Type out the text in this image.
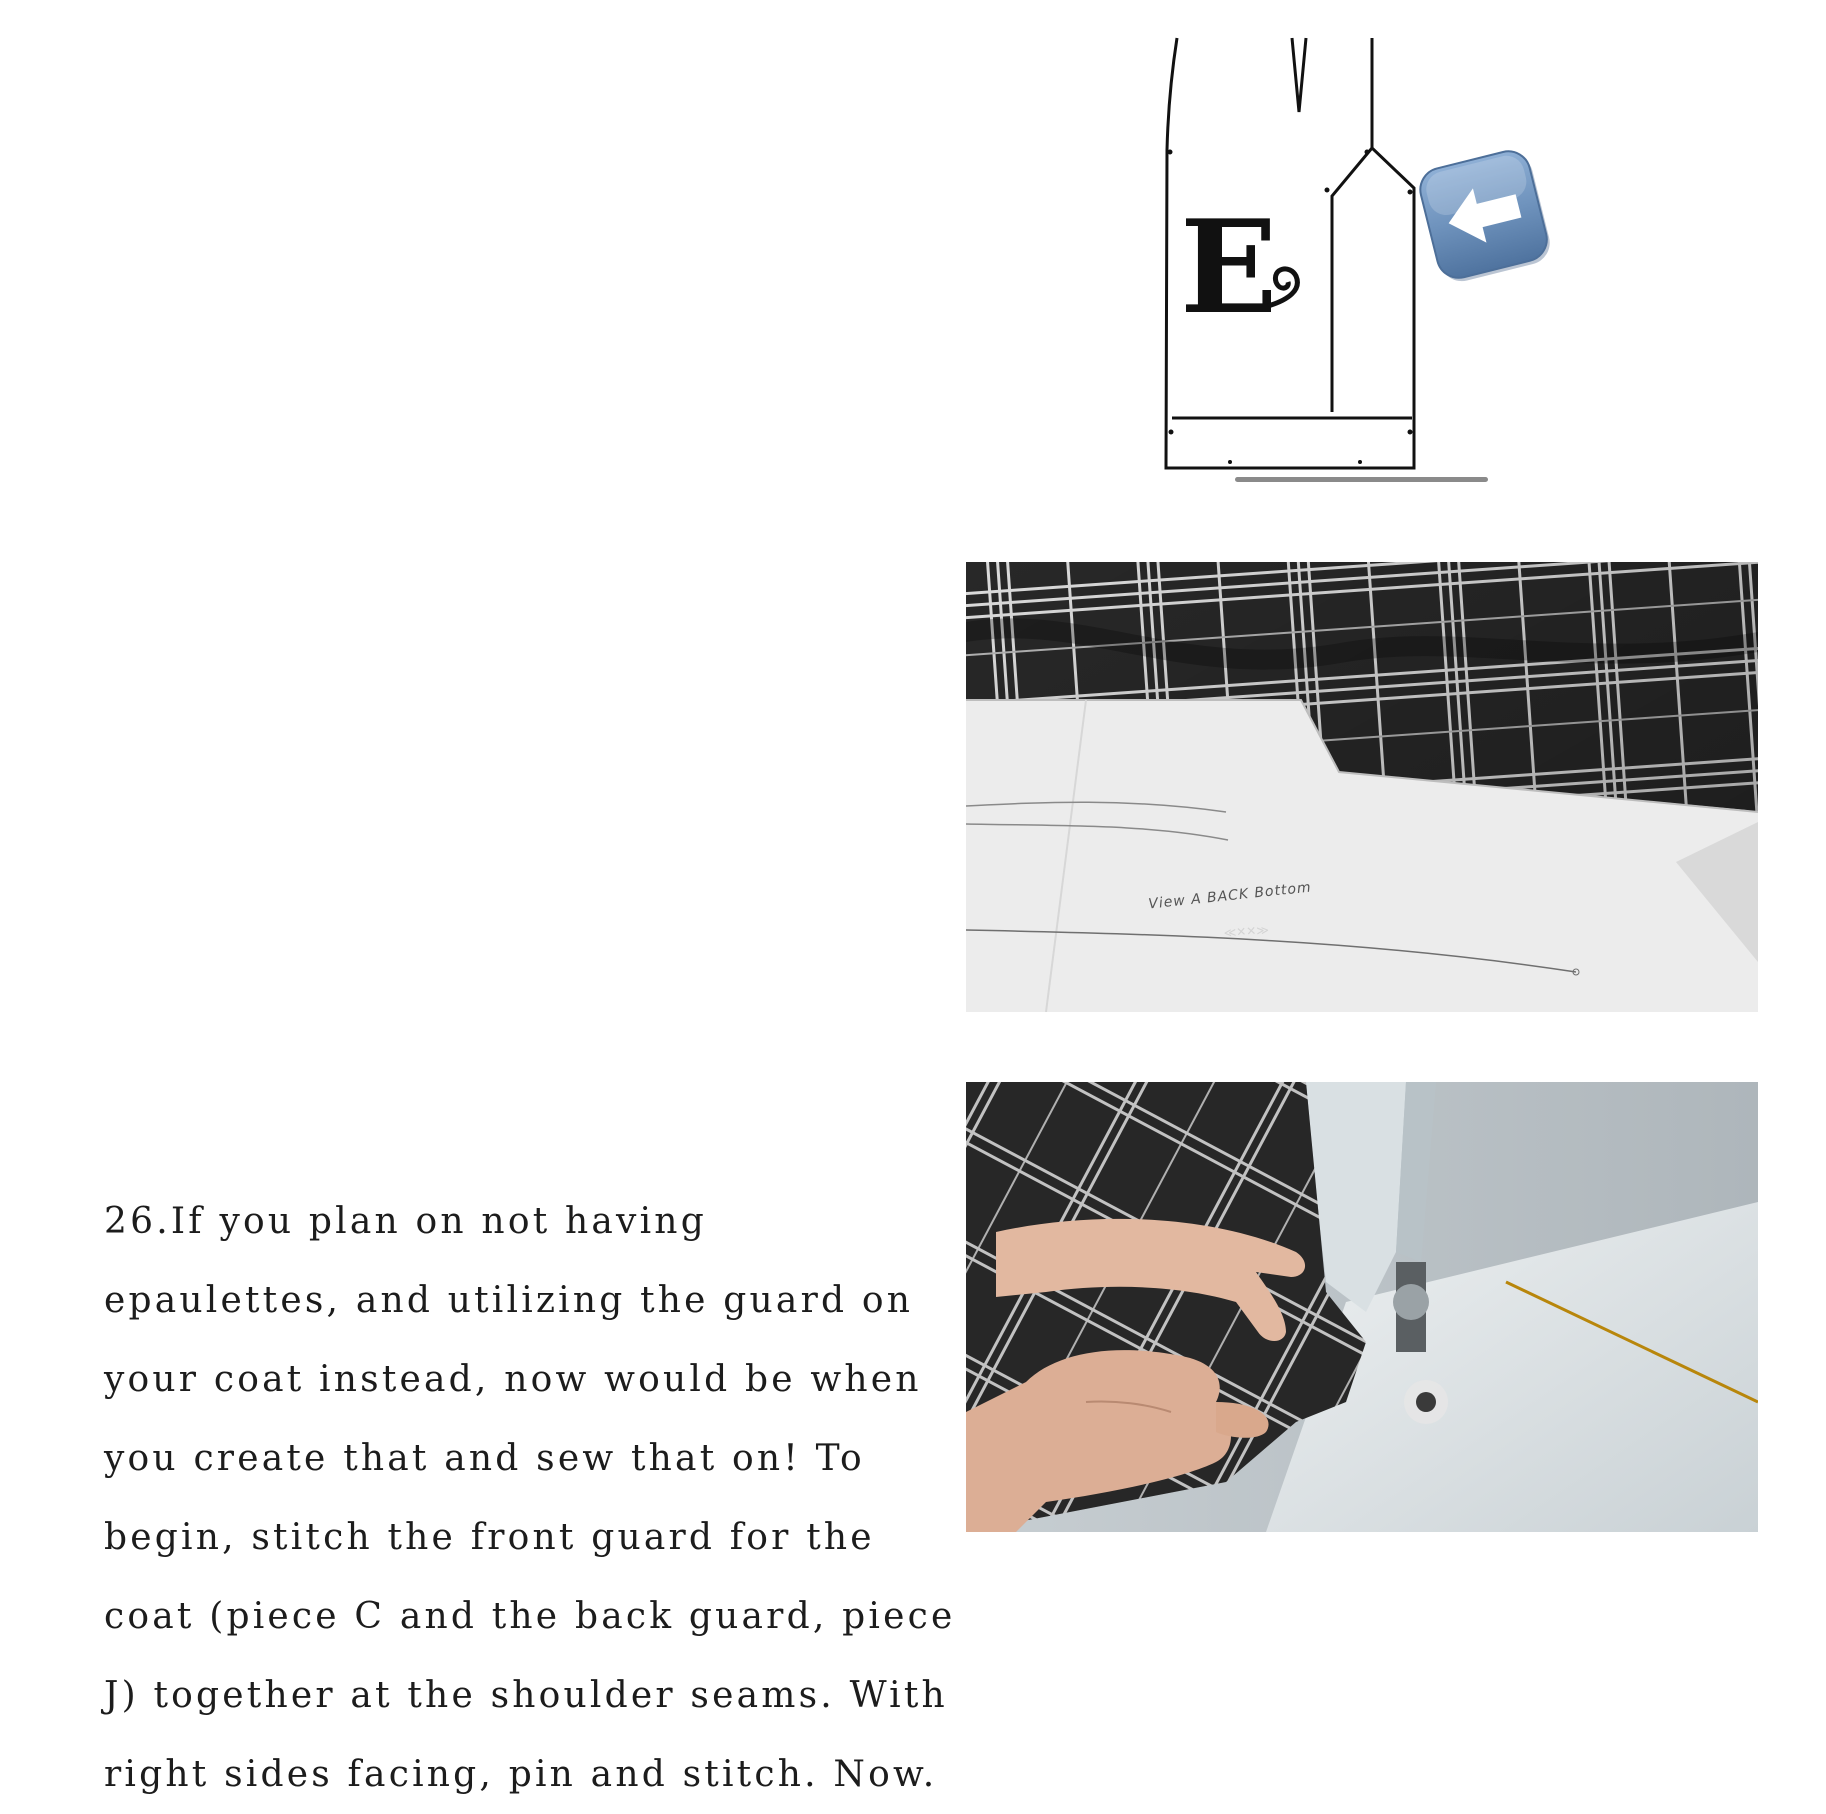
E
≪✕✕≫
View A BACK Bottom

26.If you plan on not having
epaulettes, and utilizing the guard on
your coat instead, now would be when
you create that and sew that on! To
begin, stitch the front guard for the
coat (piece C and the back guard, piece
J) together at the shoulder seams. With
right sides facing, pin and stitch. Now.
